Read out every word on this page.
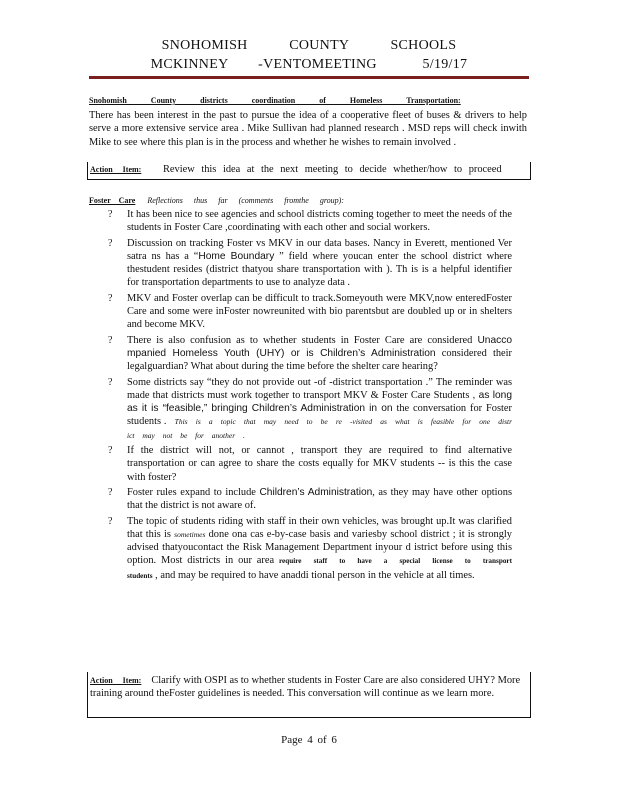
SNOHOMISH	COUNTY	SCHOOLS
MCKINNEY -VENTOMEETING	5/19/17
Snohomish County districts coordination of Homeless Transportation:
There has been interest in the past to pursue the idea of a cooperative fleet of buses & drivers to help serve a more extensive service area . Mike Sullivan had planned research . MSD reps will check inwith Mike to see where this plan is in the process and whether he wishes to remain involved .
Action Item: Review this idea at the next meeting to decide whether/how to proceed
Foster Care Reflections thus far (comments fromthe group):
? It has been nice to see agencies and school districts coming together to meet the needs of the students in Foster Care ,coordinating with each other and social workers.
? Discussion on tracking Foster vs MKV in our data bases. Nancy in Everett, mentioned Ver satra ns has a “Home Boundary ” field where youcan enter the school district where thestudent resides (district thatyou share transportation with ). Th is is a helpful identifier for transportation departments to use to analyze data .
? MKV and Foster overlap can be difficult to track.Someyouth were MKV,now enteredFoster Care and some were inFoster nowreunited with bio parentsbut are doubled up or in shelters and become MKV.
? There is also confusion as to whether students in Foster Care are considered Unacco mpanied Homeless Youth (UHY) or is Children’s Administration considered their legalguardian? What about during the time before the shelter care hearing?
? Some districts say “they do not provide out -of -district transportation .” The reminder was made that districts must work together to transport MKV & Foster Care Students , as long as it is “feasible,” bringing Children’s Administration in on the conversation for Foster students . This is a topic that may need to be re -visited as what is feasible for one distr ict may not be for another .
? If the district will not, or cannot , transport they are required to find alternative transportation or can agree to share the costs equally for MKV students -- is this the case with foster?
? Foster rules expand to include Children’s Administration, as they may have other options that the district is not aware of.
? The topic of students riding with staff in their own vehicles, was brought up.It was clarified that this is sometimes done ona cas e-by-case basis and variesby school district ; it is strongly advised thatyoucontact the Risk Management Department inyour d istrict before using this option. Most districts in our area require staff to have a special license to transport students , and may be required to have anaddi tional person in the vehicle at all times.
Action Item: Clarify with OSPI as to whether students in Foster Care are also considered UHY? More training around theFoster guidelines is needed. This conversation will continue as we learn more.
Page 4 of 6
